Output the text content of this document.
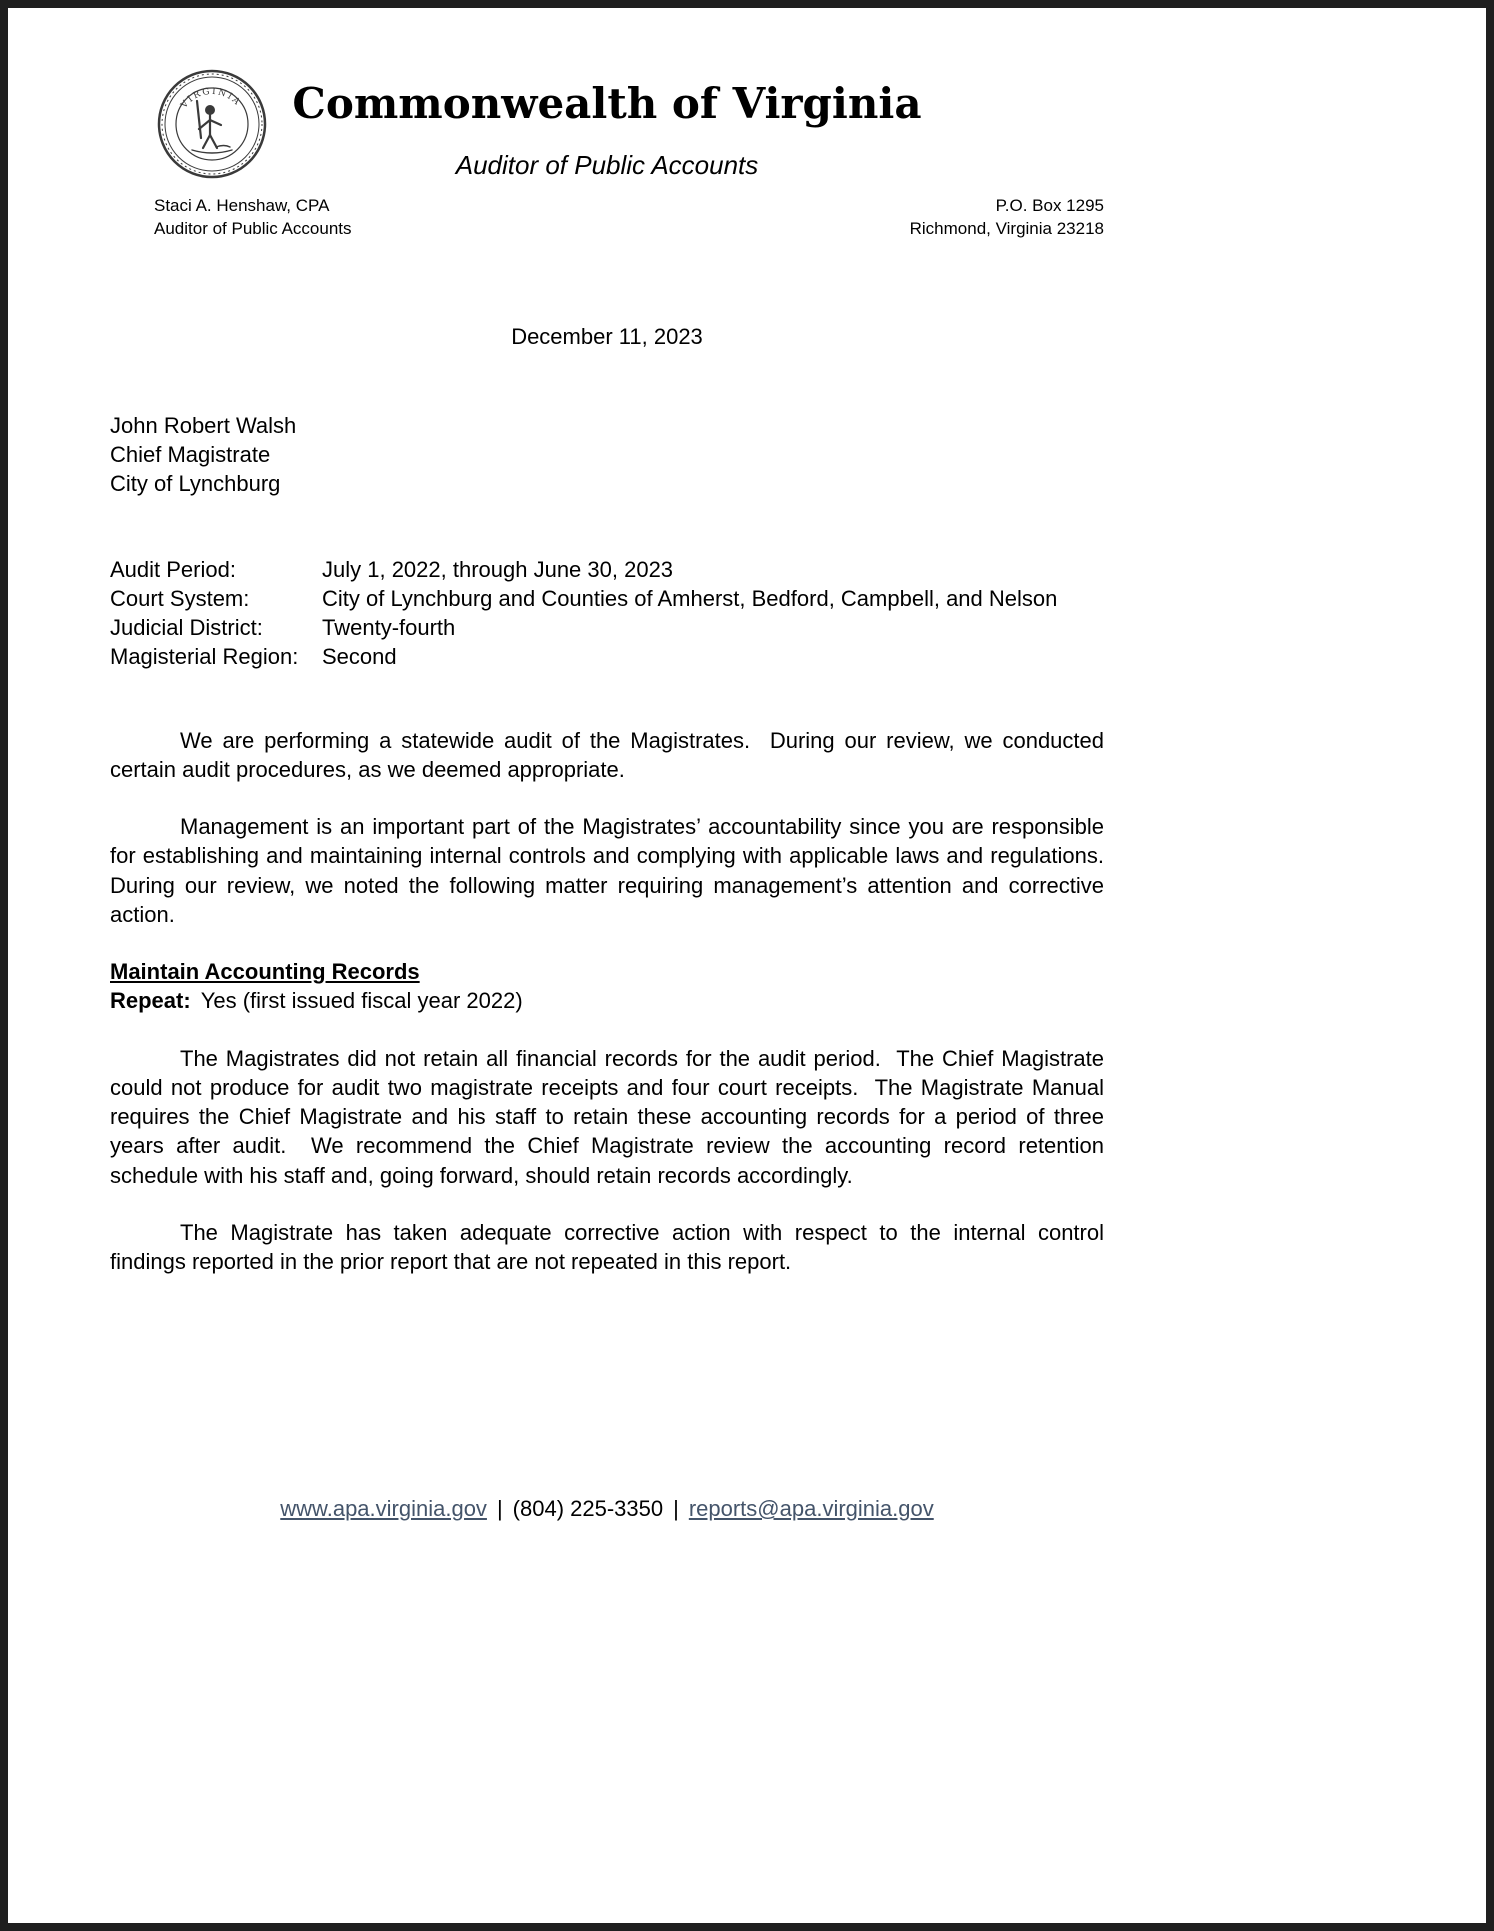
VIRGINIA	Commonwealth of Virginia
Auditor of Public Accounts
Staci A. Henshaw, CPA
Auditor of Public Accounts
P.O. Box 1295
Richmond, Virginia 23218
December 11, 2023
John Robert Walsh
Chief Magistrate
City of Lynchburg
Audit Period:	July 1, 2022, through June 30, 2023
Court System:	City of Lynchburg and Counties of Amherst, Bedford, Campbell, and Nelson
Judicial District:	Twenty-fourth
Magisterial Region:	Second

We are performing a statewide audit of the Magistrates.  During our review, we conducted certain audit procedures, as we deemed appropriate.

Management is an important part of the Magistrates’ accountability since you are responsible for establishing and maintaining internal controls and complying with applicable laws and regulations.  During our review, we noted the following matter requiring management’s attention and corrective action.

Maintain Accounting Records
Repeat: Yes (first issued fiscal year 2022)

The Magistrates did not retain all financial records for the audit period.  The Chief Magistrate could not produce for audit two magistrate receipts and four court receipts.  The Magistrate Manual requires the Chief Magistrate and his staff to retain these accounting records for a period of three years after audit.  We recommend the Chief Magistrate review the accounting record retention schedule with his staff and, going forward, should retain records accordingly.

The Magistrate has taken adequate corrective action with respect to the internal control findings reported in the prior report that are not repeated in this report.

www.apa.virginia.gov | (804) 225-3350 | reports@apa.virginia.gov
